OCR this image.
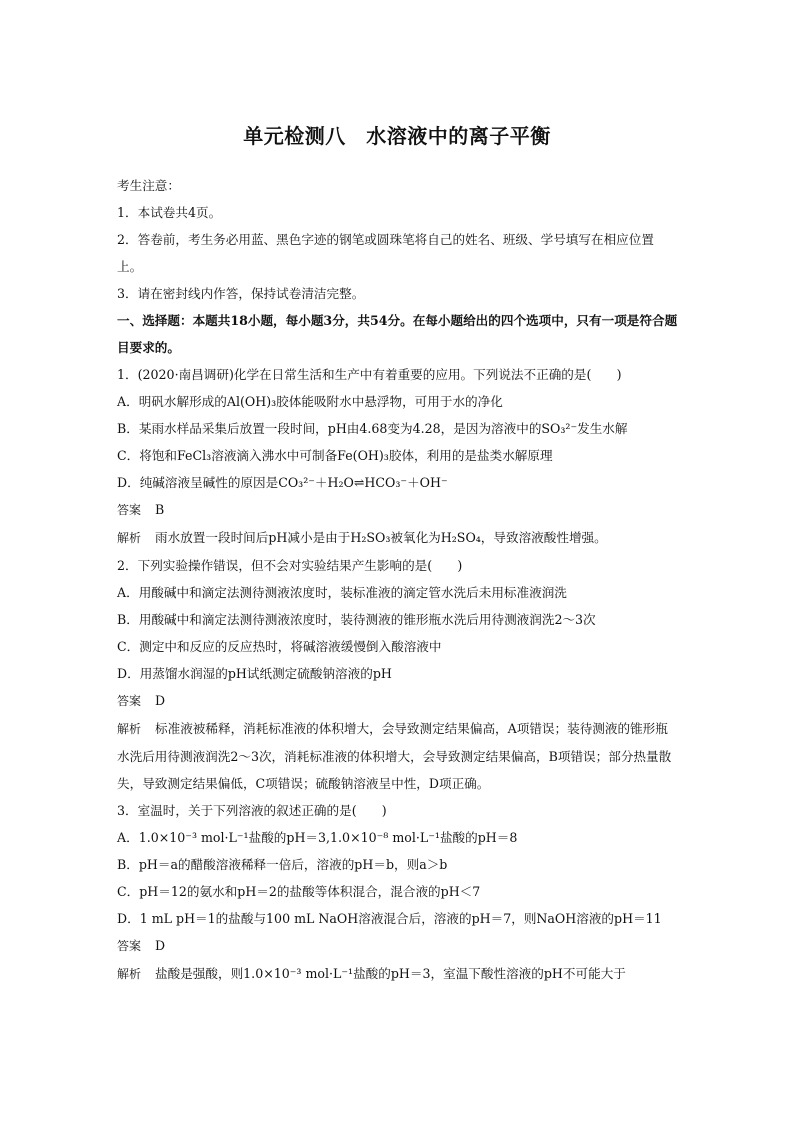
单元检测八　水溶液中的离子平衡

考生注意：

1．本试卷共4页。

2．答卷前，考生务必用蓝、黑色字迹的钢笔或圆珠笔将自己的姓名、班级、学号填写在相应位置上。

3．请在密封线内作答，保持试卷清洁完整。

一、选择题：本题共18小题，每小题3分，共54分。在每小题给出的四个选项中，只有一项是符合题目要求的。

1．(2020·南昌调研)化学在日常生活和生产中有着重要的应用。下列说法不正确的是(　　)

A．明矾水解形成的Al(OH)₃胶体能吸附水中悬浮物，可用于水的净化

B．某雨水样品采集后放置一段时间，pH由4.68变为4.28，是因为溶液中的SO₃²⁻发生水解

C．将饱和FeCl₃溶液滴入沸水中可制备Fe(OH)₃胶体，利用的是盐类水解原理

D．纯碱溶液呈碱性的原因是CO₃²⁻＋H₂O⇌HCO₃⁻＋OH⁻

答案 B

解析 雨水放置一段时间后pH减小是由于H₂SO₃被氧化为H₂SO₄，导致溶液酸性增强。

2．下列实验操作错误，但不会对实验结果产生影响的是(　　)

A．用酸碱中和滴定法测待测液浓度时，装标准液的滴定管水洗后未用标准液润洗

B．用酸碱中和滴定法测待测液浓度时，装待测液的锥形瓶水洗后用待测液润洗2～3次

C．测定中和反应的反应热时，将碱溶液缓慢倒入酸溶液中

D．用蒸馏水润湿的pH试纸测定硫酸钠溶液的pH

答案 D

解析 标准液被稀释，消耗标准液的体积增大，会导致测定结果偏高，A项错误；装待测液的锥形瓶水洗后用待测液润洗2～3次，消耗标准液的体积增大，会导致测定结果偏高，B项错误；部分热量散失，导致测定结果偏低，C项错误；硫酸钠溶液呈中性，D项正确。

3．室温时，关于下列溶液的叙述正确的是(　　)

A．1.0×10⁻³ mol·L⁻¹盐酸的pH＝3,1.0×10⁻⁸ mol·L⁻¹盐酸的pH＝8

B．pH＝a的醋酸溶液稀释一倍后，溶液的pH＝b，则a＞b

C．pH＝12的氨水和pH＝2的盐酸等体积混合，混合液的pH＜7

D．1 mL pH＝1的盐酸与100 mL NaOH溶液混合后，溶液的pH＝7，则NaOH溶液的pH＝11

答案 D

解析 盐酸是强酸，则1.0×10⁻³ mol·L⁻¹盐酸的pH＝3，室温下酸性溶液的pH不可能大于
